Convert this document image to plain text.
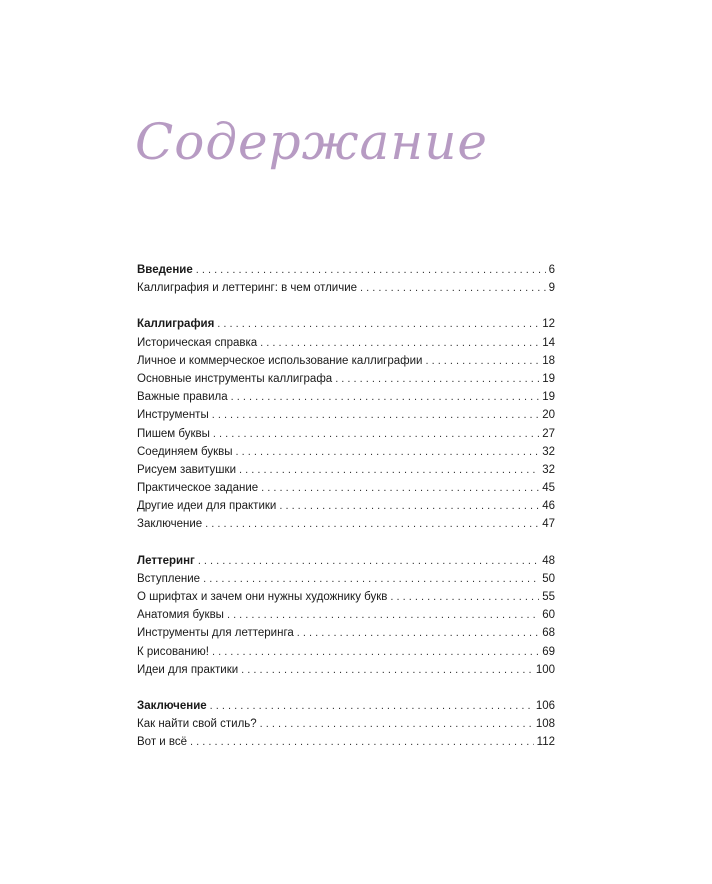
Содержание
Введение . . .	6
Каллиграфия и леттеринг: в чем отличие . . .	9
Каллиграфия . . .	12
Историческая справка . . .	14
Личное и коммерческое использование каллиграфии . . .	18
Основные инструменты каллиграфа . . .	19
Важные правила . . .	19
Инструменты . . .	20
Пишем буквы . . .	27
Соединяем буквы . . .	32
Рисуем завитушки . . .	32
Практическое задание . . .	45
Другие идеи для практики . . .	46
Заключение . . .	47
Леттеринг . . .	48
Вступление . . .	50
О шрифтах и зачем они нужны художнику букв . . .	55
Анатомия буквы . . .	60
Инструменты для леттеринга . . .	68
К рисованию! . . .	69
Идеи для практики . . .	100
Заключение . . .	106
Как найти свой стиль? . . .	108
Вот и всё . . .	112
